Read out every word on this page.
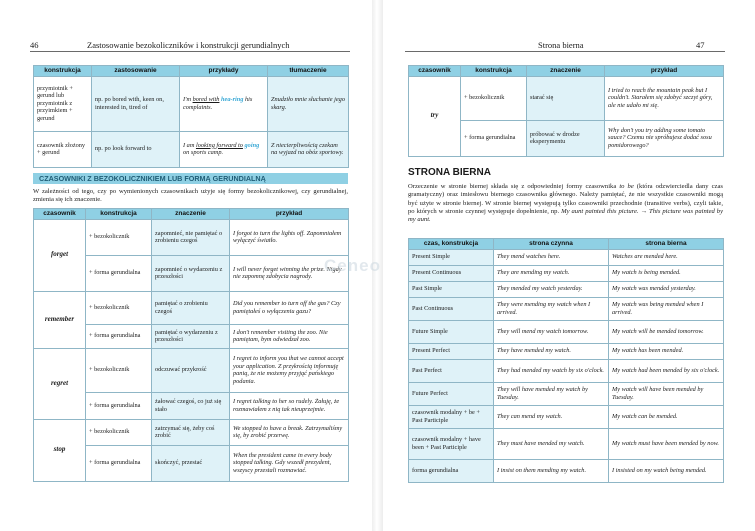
46	Zastosowanie bezokoliczników i konstrukcji gerundialnych
konstrukcja	zastosowanie	przykłady	tłumaczenie
przymiotnik + gerund lub przymiotnik z przyimkiem + gerund	np. po bored with, keen on, interested in, tired of	I'm bored with hea-ring his complaints.	Znudziło mnie słuchanie jego skarg.
czasownik złożony + gerund	np. po look forward to	I am looking forward to going on sports camp.	Z niecierpliwością czekam na wyjazd na obóz sportowy.
CZASOWNIKI Z BEZOKOLICZNIKIEM LUB FORMĄ GERUNDIALNĄ
W zależności od tego, czy po wymienionych czasownikach użyje się formy bezokolicznikowej, czy gerundialnej, zmienia się ich znaczenie.
czasownik	konstrukcja	znaczenie	przykład
forget	+ bezokolicznik	zapomnieć, nie pamiętać o zrobieniu czegoś	I forgot to turn the lights off. Zapomniałem wyłączyć światło.
	+ forma gerundialna	zapomnieć o wydarzeniu z przeszłości	I will never forget winning the prize. Nigdy nie zapomnę zdobycia nagrody.
remember	+ bezokolicznik	pamiętać o zrobieniu czegoś	Did you remember to turn off the gas? Czy pamiętałeś o wyłączeniu gazu?
	+ forma gerundialna	pamiętać o wydarzeniu z przeszłości	I don't remember visiting the zoo. Nie pamiętam, bym odwiedzał zoo.
regret	+ bezokolicznik	odczuwać przykrość	I regret to inform you that we cannot accept your application. Z przykrością informuję panią, że nie możemy przyjąć pańskiego podania.
	+ forma gerundialna	żałować czegoś, co już się stało	I regret talking to her so rudely. Żałuję, że rozmawiałem z nią tak nieuprzejmie.
stop	+ bezokolicznik	zatrzymać się, żeby coś zrobić	We stopped to have a break. Zatrzymaliśmy się, by zrobić przerwę.
	+ forma gerundialna	skończyć, przestać	When the president came in every body stopped talking. Gdy wszedł prezydent, wszyscy przestali rozmawiać.
Strona bierna	47
czasownik	konstrukcja	znaczenie	przykład
try	+ bezokolicznik	starać się	I tried to reach the mountain peak but I couldn't. Starałem się zdobyć szczyt góry, ale nie udało mi się.
	+ forma gerundialna	próbować w drodze eksperymentu	Why don't you try adding some tomato sauce? Czemu nie spróbujesz dodać sosu pomidorowego?
STRONA BIERNA
Orzeczenie w stronie biernej składa się z odpowiedniej formy czasownika to be (która odzwierciedla dany czas gramatyczny) oraz imiesłowu biernego czasownika głównego. Należy pamiętać, że nie wszystkie czasowniki mogą być użyte w stronie biernej. W stronie biernej występują tylko czasowniki przechodnie (transitive verbs), czyli takie, po których w stronie czynnej występuje dopełnienie, np. My aunt painted this picture. → This picture was painted by my aunt.
czas, konstrukcja	strona czynna	strona bierna
Present Simple	They mend watches here.	Watches are mended here.
Present Continuous	They are mending my watch.	My watch is being mended.
Past Simple	They mended my watch yesterday.	My watch was mended yesterday.
Past Continuous	They were mending my watch when I arrived.	My watch was being mended when I arrived.
Future Simple	They will mend my watch tomorrow.	My watch will be mended tomorrow.
Present Perfect	They have mended my watch.	My watch has been mended.
Past Perfect	They had mended my watch by six o'clock.	My watch had been mended by six o'clock.
Future Perfect	They will have mended my watch by Tuesday.	My watch will have been mended by Tuesday.
czasownik modalny + be + Past Participle	They can mend my watch.	My watch can be mended.
czasownik modalny + have been + Past Participle	They must have mended my watch.	My watch must have been mended by now.
forma gerundialna	I insist on them mending my watch.	I insisted on my watch being mended.
Ceneo
